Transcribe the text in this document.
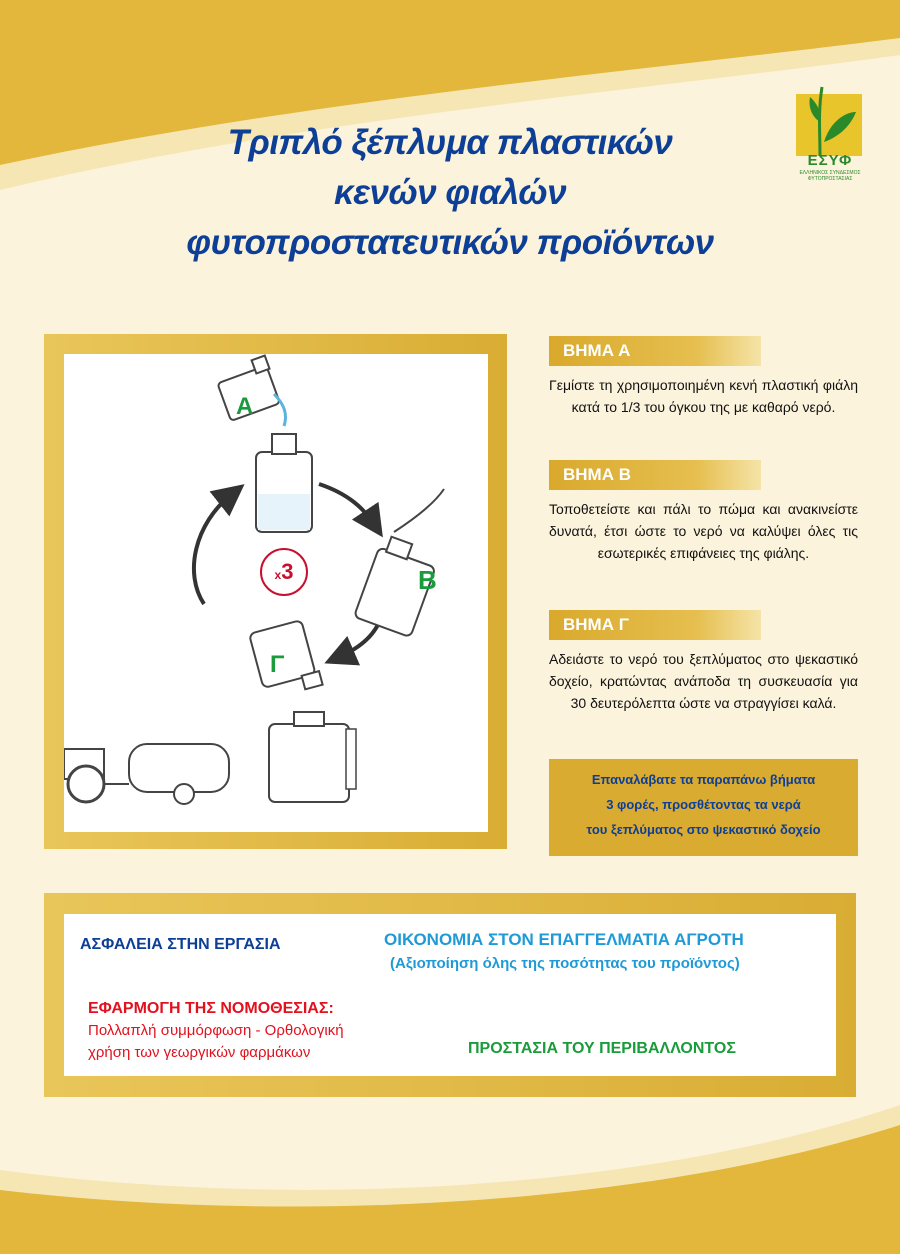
Τριπλό ξέπλυμα πλαστικών
κενών φιαλών
φυτοπροστατευτικών προϊόντων
ΕΣΥΦ
ΕΛΛΗΝΙΚΟΣ ΣΥΝΔΕΣΜΟΣ ΦΥΤΟΠΡΟΣΤΑΣΙΑΣ
Α
Β
Γ
x3
ΒΗΜΑ Α
Γεμίστε τη χρησιμοποιημένη κενή πλαστική φιάλη κατά το 1/3 του όγκου της με καθαρό νερό.
ΒΗΜΑ Β
Τοποθετείστε και πάλι το πώμα και ανακινείστε δυνατά, έτσι ώστε το νερό να καλύψει όλες τις εσωτερικές επιφάνειες της φιάλης.
ΒΗΜΑ Γ
Αδειάστε το νερό του ξεπλύματος στο ψεκαστικό δοχείο, κρατώντας ανάποδα τη συσκευασία για 30 δευτερόλεπτα ώστε να στραγγίσει καλά.
Επαναλάβατε τα παραπάνω βήματα
3 φορές, προσθέτοντας τα νερά
του ξεπλύματος στο ψεκαστικό δοχείο
ΑΣΦΑΛΕΙΑ ΣΤΗΝ ΕΡΓΑΣΙΑ	ΟΙΚΟΝΟΜΙΑ ΣΤΟΝ ΕΠΑΓΓΕΛΜΑΤΙΑ ΑΓΡΟΤΗ
(Αξιοποίηση όλης της ποσότητας του προϊόντος)
ΕΦΑΡΜΟΓΗ ΤΗΣ ΝΟΜΟΘΕΣΙΑΣ:
Πολλαπλή συμμόρφωση - Ορθολογική
χρήση των γεωργικών φαρμάκων	ΠΡΟΣΤΑΣΙΑ ΤΟΥ ΠΕΡΙΒΑΛΛΟΝΤΟΣ
